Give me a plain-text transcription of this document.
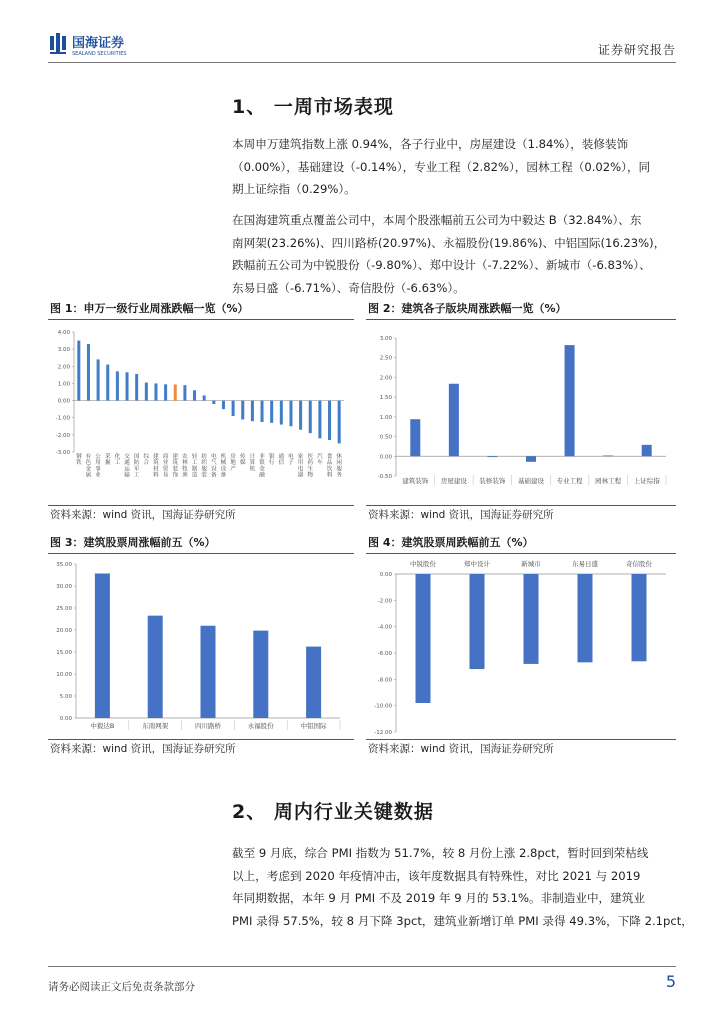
国海证券
SEALAND SECURITIES	证券研究报告
1、 一周市场表现
本周申万建筑指数上涨 0.94%，各子行业中，房屋建设（1.84%），装修装饰
（0.00%），基础建设（-0.14%），专业工程（2.82%），园林工程（0.02%），同
期上证综指（0.29%）。
在国海建筑重点覆盖公司中，本周个股涨幅前五公司为中毅达 B（32.84%）、东
南网架(23.26%)、四川路桥(20.97%)、永福股份(19.86%)、中铝国际(16.23%)，
跌幅前五公司为中锐股份（-9.80%）、郑中设计（-7.22%）、新城市（-6.83%）、
东易日盛（-6.71%）、奇信股份（-6.63%）。
图 1：申万一级行业周涨跌幅一览（%）
4.00
3.00
2.00
1.00
0.00
-1.00
-2.00
-3.00
钢
铁
有
色
金
属
公
用
事
业
采
掘
化
工
交
通
运
输
国
防
军
工
综
合
建
筑
材
料
商
业
贸
易
建
筑
装
饰
农
林
牧
渔
轻
工
制
造
纺
织
服
装
电
气
设
备
机
械
设
备
房
地
产
传
媒
计
算
机
非
银
金
融
银
行
通
信
电
子
家
用
电
器
医
药
生
物
汽
车
食
品
饮
料
休
闲
服
务
资料来源：wind 资讯，国海证券研究所
图 2：建筑各子版块周涨跌幅一览（%）
3.00
2.50
2.00
1.50
1.00
0.50
0.00
-0.50 建筑装饰 房屋建设 装修装饰 基础建设 专业工程 园林工程 上证综指
资料来源：wind 资讯，国海证券研究所
图 3：建筑股票周涨幅前五（%）
35.00
30.00
25.00
20.00
15.00
10.00
5.00
0.00
中毅达B	东南网架	四川路桥	永福股份	中铝国际
资料来源：wind 资讯，国海证券研究所
图 4：建筑股票周跌幅前五（%）
0.00
-2.00
-4.00
-6.00
-8.00
-10.00
-12.00
中锐股份	郑中设计	新城市	东易日盛	奇信股份
资料来源：wind 资讯，国海证券研究所
2、 周内行业关键数据
截至 9 月底，综合 PMI 指数为 51.7%，较 8 月份上涨 2.8pct，暂时回到荣枯线
以上，考虑到 2020 年疫情冲击，该年度数据具有特殊性，对比 2021 与 2019
年同期数据，本年 9 月 PMI 不及 2019 年 9 月的 53.1%。非制造业中，建筑业
PMI 录得 57.5%，较 8 月下降 3pct，建筑业新增订单 PMI 录得 49.3%，下降 2.1pct，
请务必阅读正文后免责条款部分	5
